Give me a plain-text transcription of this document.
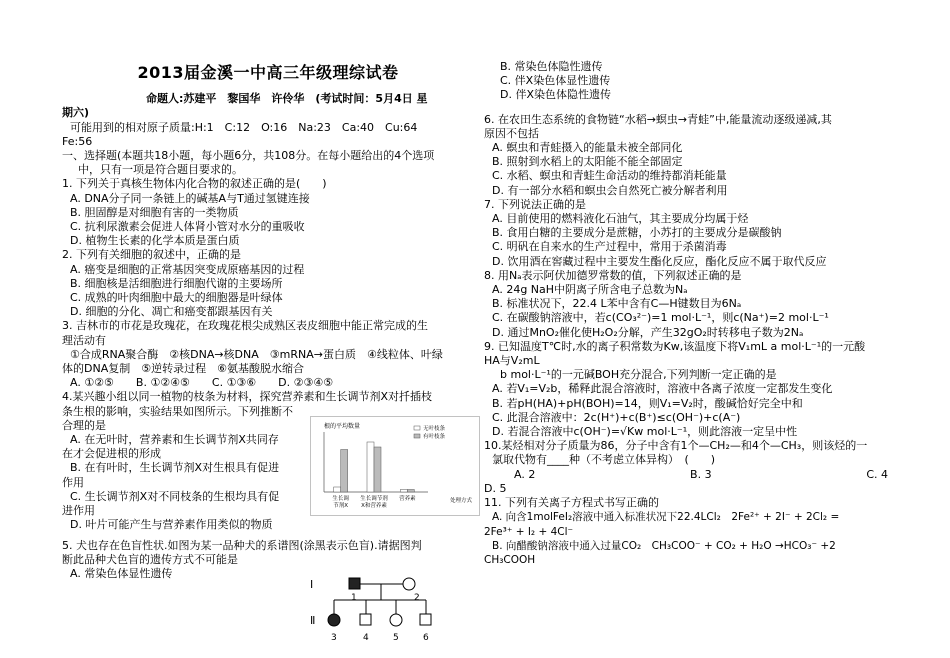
2013届金溪一中高三年级理综试卷
命题人:苏建平　黎国华　许伶华　(考试时间：5月4日 星
期六)
可能用到的相对原子质量:H:1　C:12　O:16　Na:23　Ca:40　Cu:64
Fe:56
一、选择题(本题共18小题，每小题6分，共108分。在每小题给出的4个选项
中，只有一项是符合题目要求的。
1. 下列关于真核生物体内化合物的叙述正确的是(　　)
A. DNA分子同一条链上的碱基A与T通过氢键连接
B. 胆固醇是对细胞有害的一类物质
C. 抗利尿激素会促进人体肾小管对水分的重吸收
D. 植物生长素的化学本质是蛋白质
2. 下列有关细胞的叙述中，正确的是
A. 癌变是细胞的正常基因突变成原癌基因的过程
B. 细胞核是活细胞进行细胞代谢的主要场所
C. 成熟的叶肉细胞中最大的细胞器是叶绿体
D. 细胞的分化、凋亡和癌变都跟基因有关
3. 吉林市的市花是玫瑰花，在玫瑰花根尖成熟区表皮细胞中能正常完成的生
理活动有
①合成RNA聚合酶　②核DNA→核DNA　③mRNA→蛋白质　④线粒体、叶绿
体的DNA复制　⑤逆转录过程　⑥氨基酸脱水缩合
A. ①②⑤　　B. ①②④⑤　　C. ①③⑥　　D. ②③④⑤
4.某兴趣小组以同一植物的枝条为材料，探究营养素和生长调节剂X对扦插枝
条生根的影响，实验结果如图所示。下列推断不
合理的是
A. 在无叶时，营养素和生长调节剂X共同存
在才会促进根的形成
B. 在有叶时，生长调节剂X对生根具有促进
作用
C. 生长调节剂X对不同枝条的生根均具有促
进作用
D. 叶片可能产生与营养素作用类似的物质
根的平均数量	无叶枝条
有叶枝条
生长调节剂X
生长调节剂 X和营养素
营养素	处理方式
5. 犬也存在色盲性状.如图为某一品种犬的系谱图(涂黑表示色盲).请据图判
断此品种犬色盲的遗传方式不可能是
A. 常染色体显性遗传
Ⅰ
Ⅱ
1	2
3	4	5	6
B. 常染色体隐性遗传
C. 伴X染色体显性遗传
D. 伴X染色体隐性遗传
6. 在农田生态系统的食物链“水稻→螟虫→青蛙”中,能量流动逐级递减,其
原因不包括
A. 螟虫和青蛙摄入的能量未被全部同化
B. 照射到水稻上的太阳能不能全部固定
C. 水稻、螟虫和青蛙生命活动的维持都消耗能量
D. 有一部分水稻和螟虫会自然死亡被分解者利用
7. 下列说法正确的是
A. 目前使用的燃料液化石油气，其主要成分均属于烃
B. 食用白糖的主要成分是蔗糖，小苏打的主要成分是碳酸钠
C. 明矾在自来水的生产过程中，常用于杀菌消毒
D. 饮用酒在窖藏过程中主要发生酯化反应，酯化反应不属于取代反应
8. 用Nₐ表示阿伏加德罗常数的值，下列叙述正确的是
A. 24g NaH中阴离子所含电子总数为Nₐ
B. 标准状况下，22.4 L苯中含有C—H键数目为6Nₐ
C. 在碳酸钠溶液中，若c(CO₃²⁻)=1 mol·L⁻¹，则c(Na⁺)=2 mol·L⁻¹
D. 通过MnO₂催化使H₂O₂分解，产生32gO₂时转移电子数为2Nₐ
9. 已知温度T℃时,水的离子积常数为Kw,该温度下将V₁mL a mol·L⁻¹的一元酸
HA与V₂mL
b mol·L⁻¹的一元碱BOH充分混合,下列判断一定正确的是
A. 若V₁=V₂b，稀释此混合溶液时，溶液中各离子浓度一定都发生变化
B. 若pH(HA)+pH(BOH)=14，则V₁=V₂时，酸碱恰好完全中和
C. 此混合溶液中：2c(H⁺)+c(B⁺)≤c(OH⁻)+c(A⁻)
D. 若混合溶液中c(OH⁻)=√Kw mol·L⁻¹，则此溶液一定呈中性
10.某烃相对分子质量为86，分子中含有1个—CH₂—和4个—CH₃，则该烃的一
氯取代物有____种（不考虑立体异构）　(　　)
A. 2	B. 3	C. 4
D. 5
11. 下列有关离子方程式书写正确的
A. 向含1molFeI₂溶液中通入标准状况下22.4LCl₂　2Fe²⁺ + 2I⁻ + 2Cl₂ =
2Fe³⁺ + I₂ + 4Cl⁻
B. 向醋酸钠溶液中通入过量CO₂　CH₃COO⁻ + CO₂ + H₂O →HCO₃⁻ +2
CH₃COOH
